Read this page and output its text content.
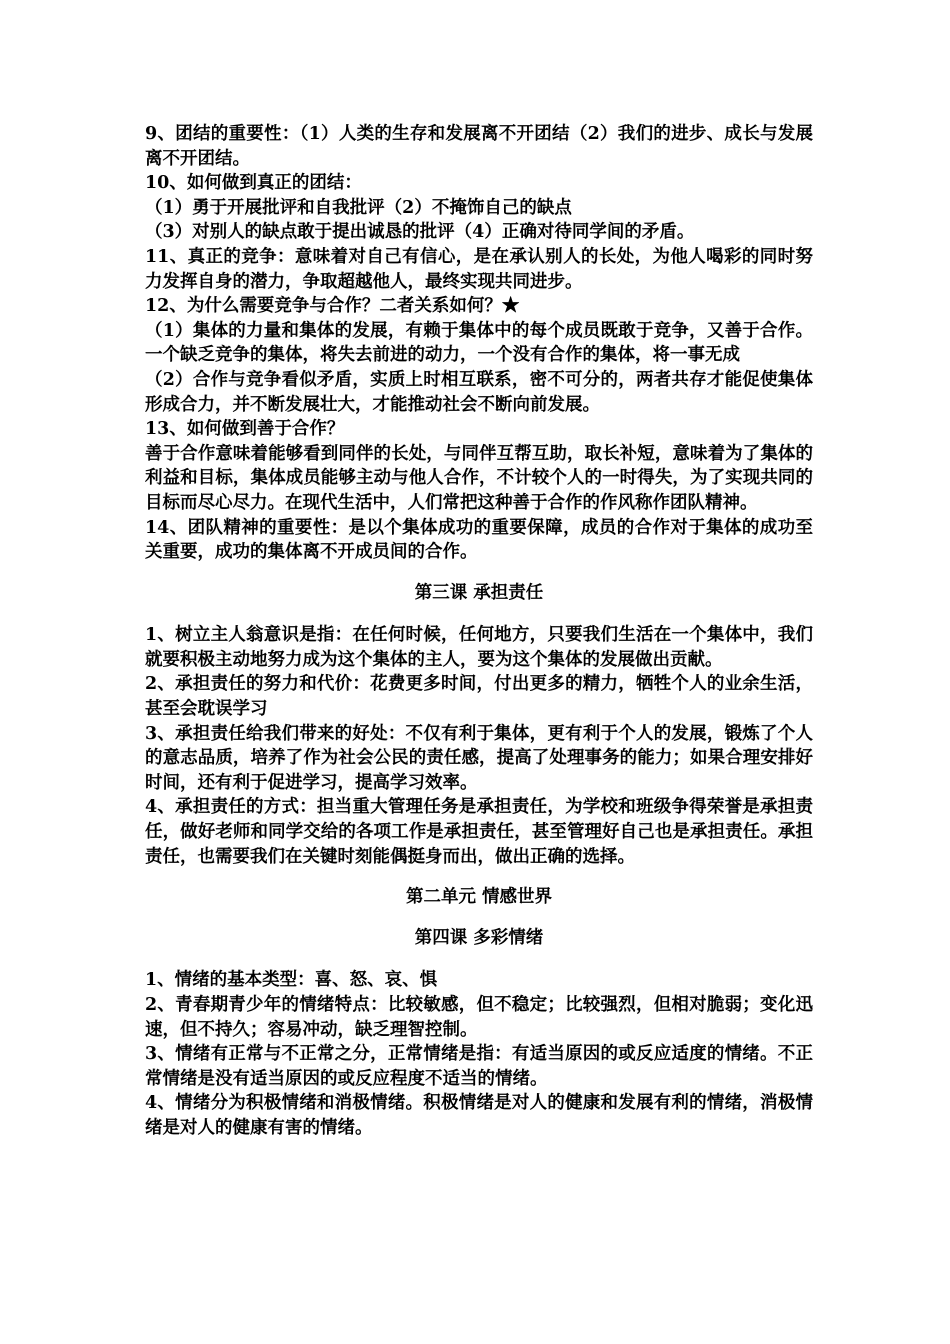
9、团结的重要性：（1）人类的生存和发展离不开团结（2）我们的进步、成长与发展离不开团结。

10、如何做到真正的团结：

（1）勇于开展批评和自我批评（2）不掩饰自己的缺点

（3）对别人的缺点敢于提出诚恳的批评（4）正确对待同学间的矛盾。

11、真正的竞争：意味着对自己有信心，是在承认别人的长处，为他人喝彩的同时努力发挥自身的潜力，争取超越他人，最终实现共同进步。

12、为什么需要竞争与合作？二者关系如何？★

（1）集体的力量和集体的发展，有赖于集体中的每个成员既敢于竞争，又善于合作。一个缺乏竞争的集体，将失去前进的动力，一个没有合作的集体，将一事无成

（2）合作与竞争看似矛盾，实质上时相互联系，密不可分的，两者共存才能促使集体形成合力，并不断发展壮大，才能推动社会不断向前发展。

13、如何做到善于合作？

善于合作意味着能够看到同伴的长处，与同伴互帮互助，取长补短，意味着为了集体的利益和目标，集体成员能够主动与他人合作，不计较个人的一时得失，为了实现共同的目标而尽心尽力。在现代生活中，人们常把这种善于合作的作风称作团队精神。

14、团队精神的重要性：是以个集体成功的重要保障，成员的合作对于集体的成功至关重要，成功的集体离不开成员间的合作。

第三课 承担责任

1、树立主人翁意识是指：在任何时候，任何地方，只要我们生活在一个集体中，我们就要积极主动地努力成为这个集体的主人，要为这个集体的发展做出贡献。

2、承担责任的努力和代价：花费更多时间，付出更多的精力，牺牲个人的业余生活，甚至会耽误学习

3、承担责任给我们带来的好处：不仅有利于集体，更有利于个人的发展，锻炼了个人的意志品质，培养了作为社会公民的责任感，提高了处理事务的能力；如果合理安排好时间，还有利于促进学习，提高学习效率。

4、承担责任的方式：担当重大管理任务是承担责任，为学校和班级争得荣誉是承担责任，做好老师和同学交给的各项工作是承担责任，甚至管理好自己也是承担责任。承担责任，也需要我们在关键时刻能偶挺身而出，做出正确的选择。

第二单元 情感世界

第四课 多彩情绪

1、情绪的基本类型：喜、怒、哀、惧

2、青春期青少年的情绪特点：比较敏感，但不稳定；比较强烈，但相对脆弱；变化迅速，但不持久；容易冲动，缺乏理智控制。

3、情绪有正常与不正常之分，正常情绪是指：有适当原因的或反应适度的情绪。不正常情绪是没有适当原因的或反应程度不适当的情绪。

4、情绪分为积极情绪和消极情绪。积极情绪是对人的健康和发展有利的情绪，消极情绪是对人的健康有害的情绪。
